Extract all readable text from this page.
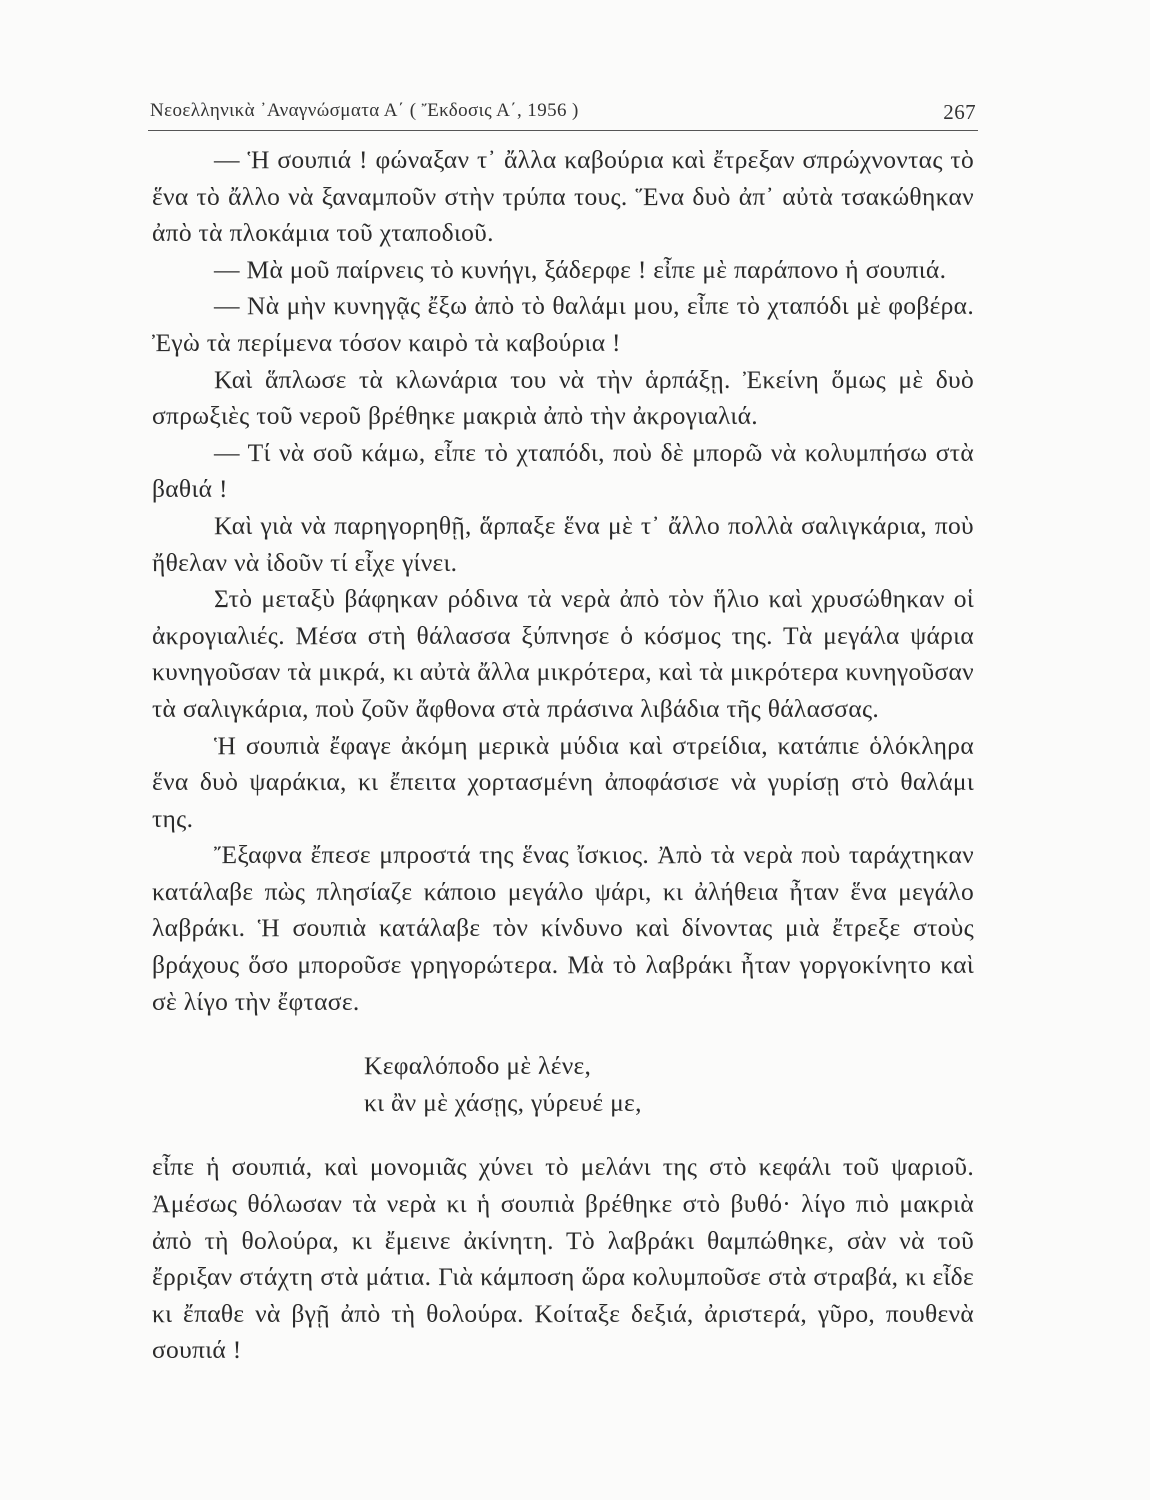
Νεοελληνικὰ ᾿Αναγνώσματα Α΄ ( Ἔκδοσις Α΄, 1956 )	267

— Ἡ σουπιά ! φώναξαν τ᾿ ἄλλα καβούρια καὶ ἔτρεξαν σπρώχνοντας τὸ ἕνα τὸ ἄλλο νὰ ξαναμποῦν στὴν τρύπα τους. Ἕνα δυὸ ἀπ᾿ αὐτὰ τσακώθηκαν ἀπὸ τὰ πλοκάμια τοῦ χταποδιοῦ.

— Μὰ μοῦ παίρνεις τὸ κυνήγι, ξάδερφε ! εἶπε μὲ παράπονο ἡ σουπιά.

— Νὰ μὴν κυνηγᾷς ἔξω ἀπὸ τὸ θαλάμι μου, εἶπε τὸ χταπόδι μὲ φοβέρα. Ἐγὼ τὰ περίμενα τόσον καιρὸ τὰ καβούρια !

Καὶ ἅπλωσε τὰ κλωνάρια του νὰ τὴν ἁρπάξῃ. Ἐκείνη ὅμως μὲ δυὸ σπρωξιὲς τοῦ νεροῦ βρέθηκε μακριὰ ἀπὸ τὴν ἀκρογιαλιά.

— Τί νὰ σοῦ κάμω, εἶπε τὸ χταπόδι, ποὺ δὲ μπορῶ νὰ κολυμπήσω στὰ βαθιά !

Καὶ γιὰ νὰ παρηγορηθῇ, ἅρπαξε ἕνα μὲ τ᾿ ἄλλο πολλὰ σαλιγκάρια, ποὺ ἤθελαν νὰ ἰδοῦν τί εἶχε γίνει.

Στὸ μεταξὺ βάφηκαν ρόδινα τὰ νερὰ ἀπὸ τὸν ἥλιο καὶ χρυσώθηκαν οἱ ἀκρογιαλιές. Μέσα στὴ θάλασσα ξύπνησε ὁ κόσμος της. Τὰ μεγάλα ψάρια κυνηγοῦσαν τὰ μικρά, κι αὐτὰ ἄλλα μικρότερα, καὶ τὰ μικρότερα κυνηγοῦσαν τὰ σαλιγκάρια, ποὺ ζοῦν ἄφθονα στὰ πράσινα λιβάδια τῆς θάλασσας.

Ἡ σουπιὰ ἔφαγε ἀκόμη μερικὰ μύδια καὶ στρείδια, κατάπιε ὁλόκληρα ἕνα δυὸ ψαράκια, κι ἔπειτα χορτασμένη ἀποφάσισε νὰ γυρίσῃ στὸ θαλάμι της.

Ἔξαφνα ἔπεσε μπροστά της ἕνας ἴσκιος. Ἀπὸ τὰ νερὰ ποὺ ταράχτηκαν κατάλαβε πὼς πλησίαζε κάποιο μεγάλο ψάρι, κι ἀλήθεια ἦταν ἕνα μεγάλο λαβράκι. Ἡ σουπιὰ κατάλαβε τὸν κίνδυνο καὶ δίνοντας μιὰ ἔτρεξε στοὺς βράχους ὅσο μποροῦσε γρηγορώτερα. Μὰ τὸ λαβράκι ἦταν γοργοκίνητο καὶ σὲ λίγο τὴν ἔφτασε.

Κεφαλόποδο μὲ λένε,
κι ἂν μὲ χάσῃς, γύρευέ με,

εἶπε ἡ σουπιά, καὶ μονομιᾶς χύνει τὸ μελάνι της στὸ κεφάλι τοῦ ψαριοῦ. Ἀμέσως θόλωσαν τὰ νερὰ κι ἡ σουπιὰ βρέθηκε στὸ βυθό· λίγο πιὸ μακριὰ ἀπὸ τὴ θολούρα, κι ἔμεινε ἀκίνητη. Τὸ λαβράκι θαμπώθηκε, σὰν νὰ τοῦ ἔρριξαν στάχτη στὰ μάτια. Γιὰ κάμποση ὥρα κολυμποῦσε στὰ στραβά, κι εἶδε κι ἔπαθε νὰ βγῇ ἀπὸ τὴ θολούρα. Κοίταξε δεξιά, ἀριστερά, γῦρο, πουθενὰ σουπιά !
